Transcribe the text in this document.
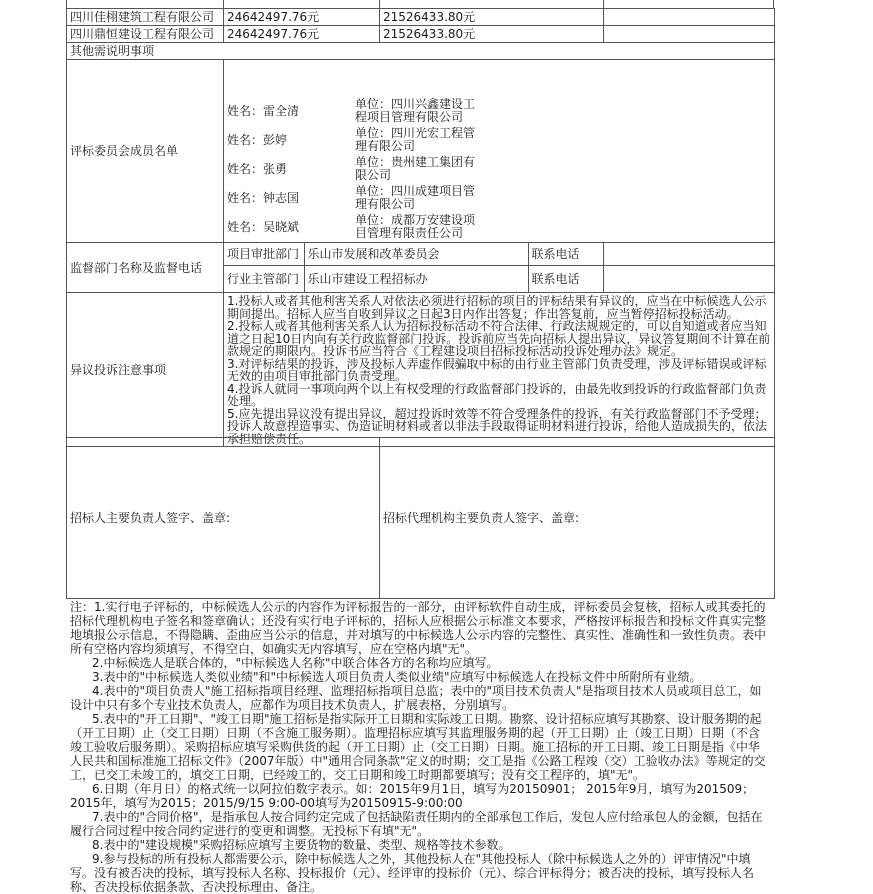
四川佳栩建筑工程有限公司	24642497.76元	21526433.80元	
四川鼎恒建设工程有限公司	24642497.76元	21526433.80元	
其他需说明事项			
评标委员会成员名单	
姓名：雷全清	单位：四川兴鑫建设工程项目管理有限公司
姓名：彭婷	单位：四川光宏工程管理有限公司
姓名：张勇	单位：贵州建工集团有限公司
姓名：钟志国	单位：四川成建项目管理有限公司
姓名：吴晓斌	单位：成都万安建设项目管理有限责任公司

监督部门名称及监督电话	
项目审批部门	乐山市发展和改革委员会	联系电话	
行业主管部门	乐山市建设工程招标办	联系电话	

异议投诉注意事项	
1.投标人或者其他利害关系人对依法必须进行招标的项目的评标结果有异议的，应当在中标候选人公示期间提出。招标人应当自收到异议之日起3日内作出答复；作出答复前，应当暂停招标投标活动。
2.投标人或者其他利害关系人认为招标投标活动不符合法律、行政法规规定的，可以自知道或者应当知道之日起10日内向有关行政监督部门投诉。投诉前应当先向招标人提出异议，异议答复期间不计算在前款规定的期限内。投诉书应当符合《工程建设项目招标投标活动投诉处理办法》规定。
3.对评标结果的投诉，涉及投标人弄虚作假骗取中标的由行业主管部门负责受理，涉及评标错误或评标无效的由项目审批部门负责受理。
4.投诉人就同一事项向两个以上有权受理的行政监督部门投诉的，由最先收到投诉的行政监督部门负责处理。
5.应先提出异议没有提出异议，超过投诉时效等不符合受理条件的投诉，有关行政监督部门不予受理；投诉人故意捏造事实、伪造证明材料或者以非法手段取得证明材料进行投诉，给他人造成损失的，依法承担赔偿责任。
招标人主要负责人签字、盖章:	招标代理机构主要负责人签字、盖章:

注：1.实行电子评标的，中标候选人公示的内容作为评标报告的一部分，由评标软件自动生成，评标委员会复核，招标人或其委托的招标代理机构电子签名和签章确认；还没有实行电子评标的，招标人应根据公示标准文本要求，严格按评标报告和投标文件真实完整地填报公示信息，不得隐瞒、歪曲应当公示的信息，并对填写的中标候选人公示内容的完整性、真实性、准确性和一致性负责。表中所有空格内容均须填写，不得空白，如确实无内容填写，应在空格内填"无"。

2.中标候选人是联合体的，"中标候选人名称"中联合体各方的名称均应填写。

3.表中的"中标候选人类似业绩"和"中标候选人项目负责人类似业绩"应填写中标候选人在投标文件中所附所有业绩。

4.表中的"项目负责人"施工招标指项目经理、监理招标指项目总监；表中的"项目技术负责人"是指项目技术人员或项目总工，如设计中只有多个专业技术负责人，应都作为项目技术负责人，扩展表格，分别填写。

5.表中的"开工日期"、"竣工日期"施工招标是指实际开工日期和实际竣工日期。勘察、设计招标应填写其勘察、设计服务期的起（开工日期）止（交工日期）日期（不含施工服务期）。监理招标应填写其监理服务期的起（开工日期）止（竣工日期）日期（不含竣工验收后服务期）。采购招标应填写采购供货的起（开工日期）止（交工日期）日期。施工招标的开工日期、竣工日期是指《中华人民共和国标准施工招标文件》（2007年版）中"通用合同条款"定义的时期；交工是指《公路工程竣（交）工验收办法》等规定的交工，已交工未竣工的，填交工日期，已经竣工的，交工日期和竣工时期都要填写；没有交工程序的，填"无"。

6.日期（年月日）的格式统一以阿拉伯数字表示。如：2015年9月1日，填写为20150901； 2015年9月，填写为201509； 2015年，填写为2015；2015/9/15 9:00-00填写为20150915-9:00:00

7.表中的"合同价格"，是指承包人按合同约定完成了包括缺陷责任期内的全部承包工作后，发包人应付给承包人的金额，包括在履行合同过程中按合同约定进行的变更和调整。无投标下有填"无"。

8.表中的"建设规模"采购招标应填写主要货物的数量、类型、规格等技术参数。

9.参与投标的所有投标人都需要公示，除中标候选人之外，其他投标人在"其他投标人（除中标候选人之外的）评审情况"中填写。没有被否决的投标，填写投标人名称、投标报价（元）、经评审的投标价（元）、综合评标得分；被否决的投标，填写投标人名称、否决投标依据条款、否决投标理由、备注。
